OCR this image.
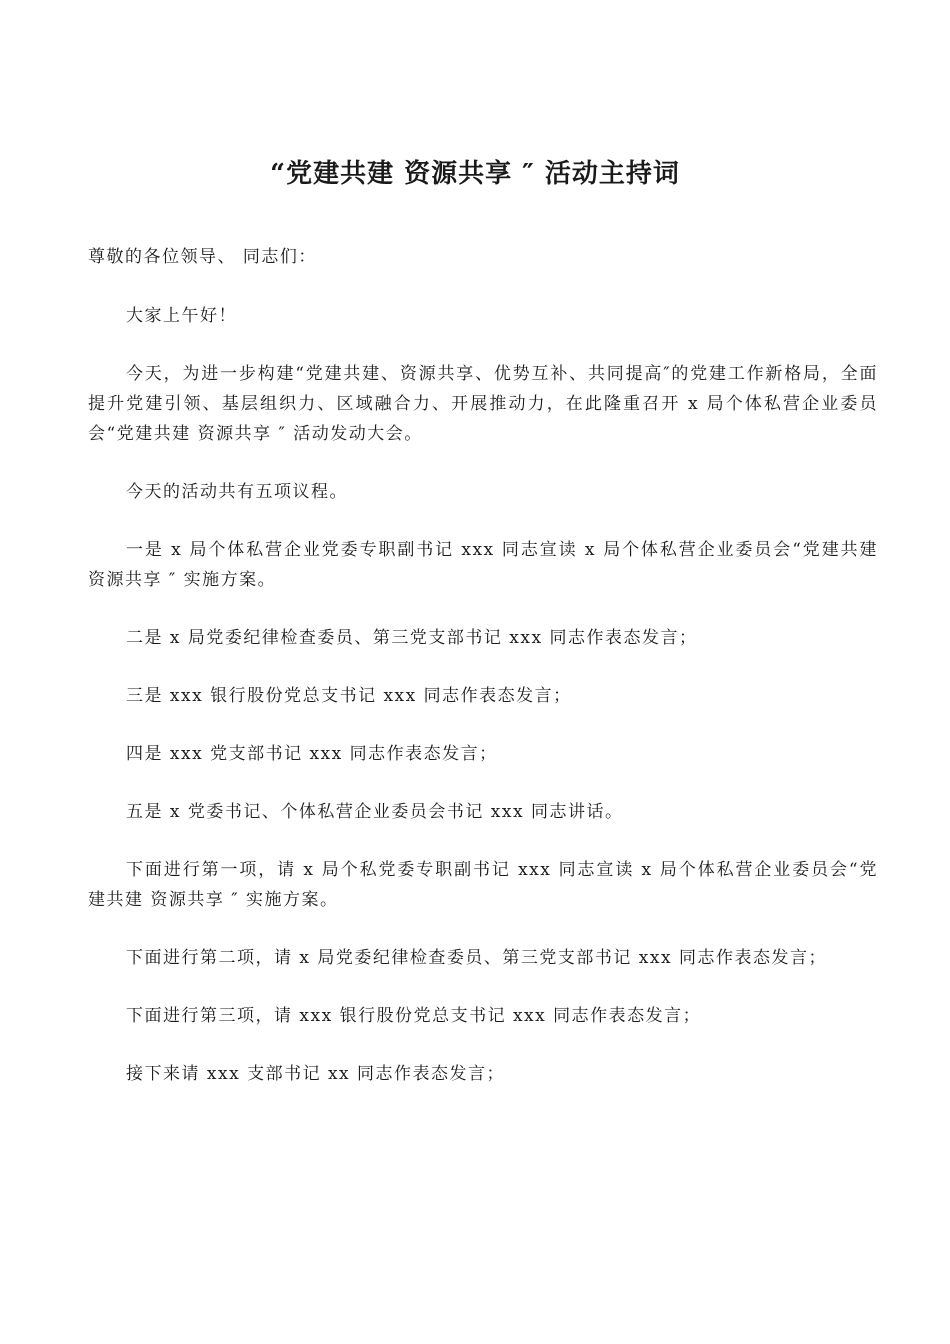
“党建共建 资源共享 ″ 活动主持词

尊敬的各位领导、 同志们：

大家上午好！

今天，为进一步构建“党建共建、资源共享、优势互补、共同提高″的党建工作新格局，全面提升党建引领、基层组织力、区域融合力、开展推动力，在此隆重召开 x 局个体私营企业委员会“党建共建 资源共享 ″ 活动发动大会。

今天的活动共有五项议程。

一是 x 局个体私营企业党委专职副书记 xxx 同志宣读 x 局个体私营企业委员会“党建共建 资源共享 ″ 实施方案。

二是 x 局党委纪律检查委员、第三党支部书记 xxx 同志作表态发言；

三是 xxx 银行股份党总支书记 xxx 同志作表态发言；

四是 xxx 党支部书记 xxx 同志作表态发言；

五是 x 党委书记、个体私营企业委员会书记 xxx 同志讲话。

下面进行第一项，请 x 局个私党委专职副书记 xxx 同志宣读 x 局个体私营企业委员会“党建共建 资源共享 ″ 实施方案。

下面进行第二项，请 x 局党委纪律检查委员、第三党支部书记 xxx 同志作表态发言；

下面进行第三项，请 xxx 银行股份党总支书记 xxx 同志作表态发言；

接下来请 xxx 支部书记 xx 同志作表态发言；
